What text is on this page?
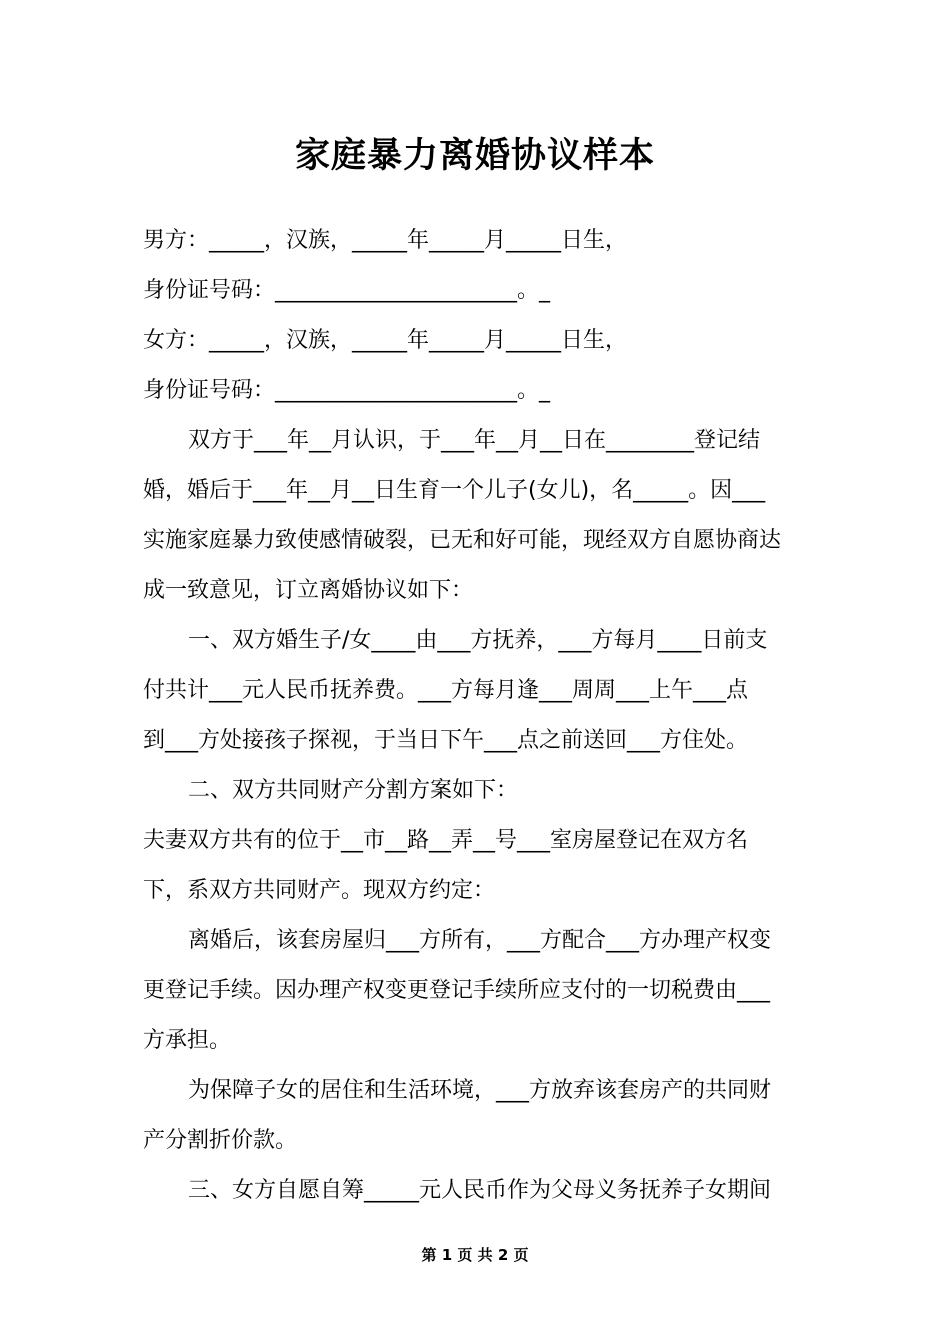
家庭暴力离婚协议样本
男方：_____，汉族，_____年_____月_____日生，
身份证号码：______________________。_
女方：_____，汉族，_____年_____月_____日生，
身份证号码：______________________。_
双方于___年__月认识，于___年__月__日在________登记结
婚，婚后于___年__月__日生育一个儿子(女儿)，名_____。因___
实施家庭暴力致使感情破裂，已无和好可能，现经双方自愿协商达
成一致意见，订立离婚协议如下：
一、双方婚生子/女____由___方抚养，___方每月____日前支
付共计___元人民币抚养费。___方每月逢___周周___上午___点
到___方处接孩子探视，于当日下午___点之前送回___方住处。
二、双方共同财产分割方案如下：
夫妻双方共有的位于__市__路__弄__号___室房屋登记在双方名
下，系双方共同财产。现双方约定：
离婚后，该套房屋归___方所有，___方配合___方办理产权变
更登记手续。因办理产权变更登记手续所应支付的一切税费由___
方承担。
为保障子女的居住和生活环境，___方放弃该套房产的共同财
产分割折价款。
三、女方自愿自筹_____元人民币作为父母义务抚养子女期间
第 1 页 共 2 页
